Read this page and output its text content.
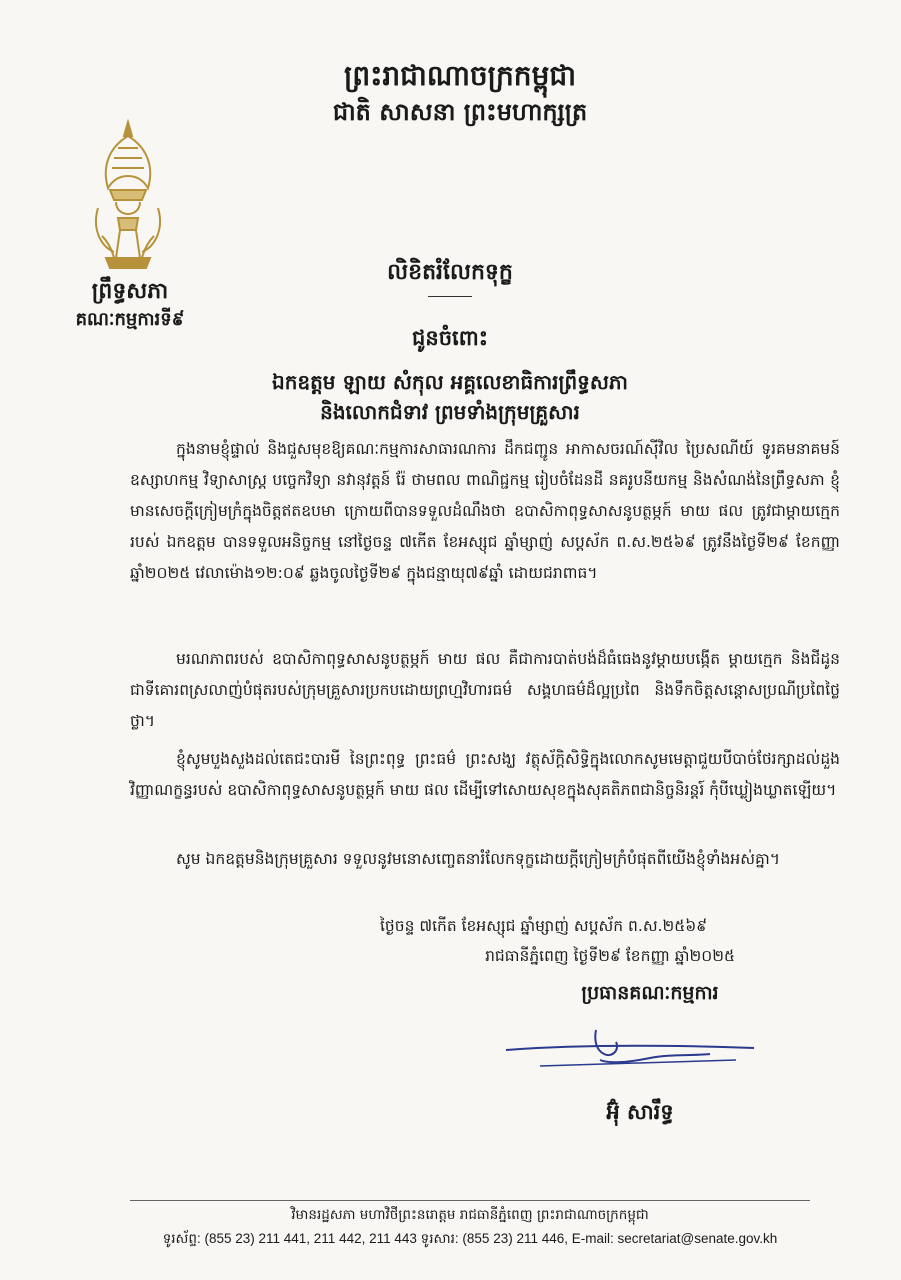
ព្រះរាជាណាចក្រកម្ពុជា
ជាតិ សាសនា ព្រះមហាក្សត្រ
ព្រឹទ្ធសភា
គណៈកម្មការទី៩
លិខិតរំលែកទុក្ខ
ជូនចំពោះ
ឯកឧត្តម ឡាយ សំកុល អគ្គលេខាធិការព្រឹទ្ធសភា
និងលោកជំទាវ ព្រមទាំងក្រុមគ្រួសារ
ក្នុងនាមខ្ញុំផ្ទាល់ និងជួសមុខឱ្យគណៈកម្មការសាធារណការ ដឹកជញ្ជូន អាកាសចរណ៍ស៊ីវិល ប្រៃសណីយ៍ ទូរគមនាគមន៍ ឧស្សាហកម្ម វិទ្យាសាស្ត្រ បច្ចេកវិទ្យា នវានុវត្តន៍ រ៉ែ ថាមពល ពាណិជ្ជកម្ម រៀបចំដែនដី នគរូបនីយកម្ម និងសំណង់នៃព្រឹទ្ធសភា ខ្ញុំមានសេចក្តីក្រៀមក្រំក្នុងចិត្តឥតឧបមា ក្រោយពីបានទទួលដំណឹងថា ឧបាសិកាពុទ្ធសាសនូបត្ថម្ភក៍ មាយ ផល ត្រូវជាម្តាយក្មេករបស់ ឯកឧត្តម បានទទួលអនិច្ចកម្ម នៅថ្ងៃចន្ទ ៧កើត ខែអស្សុជ ឆ្នាំម្សាញ់ សប្តស័ក ព.ស.២៥៦៩ ត្រូវនឹងថ្ងៃទី២៩ ខែកញ្ញា ឆ្នាំ២០២៥ វេលាម៉ោង១២:០៩ ឆ្លងចូលថ្ងៃទី២៩ ក្នុងជន្មាយុ៧៩ឆ្នាំ ដោយជរាពាធ។
មរណភាពរបស់ ឧបាសិកាពុទ្ធសាសនូបត្ថម្ភក៍ មាយ ផល គឺជាការបាត់បង់ដ៏ធំធេងនូវម្តាយបង្កើត ម្តាយក្មេក និងជីដូនជាទីគោរពស្រលាញ់បំផុតរបស់ក្រុមគ្រួសារប្រកបដោយព្រហ្មវិហារធម៌ សង្គហធម៌ដ៏ល្អប្រពៃ និងទឹកចិត្តសន្តោសប្រណីប្រពៃថ្លៃថ្លា។
ខ្ញុំសូមបួងសួងដល់តេជះបារមី នៃព្រះពុទ្ធ ព្រះធម៌ ព្រះសង្ឃ វត្ថុស័ក្តិសិទ្ធិក្នុងលោកសូមមេត្តាជួយបីបាច់ថែរក្សាដល់ដួងវិញ្ញាណក្ខន្ធរបស់ ឧបាសិកាពុទ្ធសាសនូបត្ថម្ភក៍ មាយ ផល ដើម្បីទៅសោយសុខក្នុងសុគតិភពជានិច្ចនិរន្តរ៍ កុំបីឃ្លៀងឃ្លាតឡើយ។
សូម ឯកឧត្តមនិងក្រុមគ្រួសារ ទទួលនូវមនោសញ្ចេតនារំលែកទុក្ខដោយក្តីក្រៀមក្រំបំផុតពីយើងខ្ញុំទាំងអស់គ្នា។
ថ្ងៃចន្ទ ៧កើត ខែអស្សុជ ឆ្នាំម្សាញ់ សប្តស័ក ព.ស.២៥៦៩
រាជធានីភ្នំពេញ ថ្ងៃទី២៩ ខែកញ្ញា ឆ្នាំ២០២៥
ប្រធានគណៈកម្មការ
អ៊ុំ សារឹទ្ធ
វិមានរដ្ឋសភា មហាវិថីព្រះនរោត្តម រាជធានីភ្នំពេញ ព្រះរាជាណាចក្រកម្ពុជា
ទូរស័ព្ទ: (855 23) 211 441, 211 442, 211 443 ទូរសារ: (855 23) 211 446, E-mail: secretariat@senate.gov.kh
